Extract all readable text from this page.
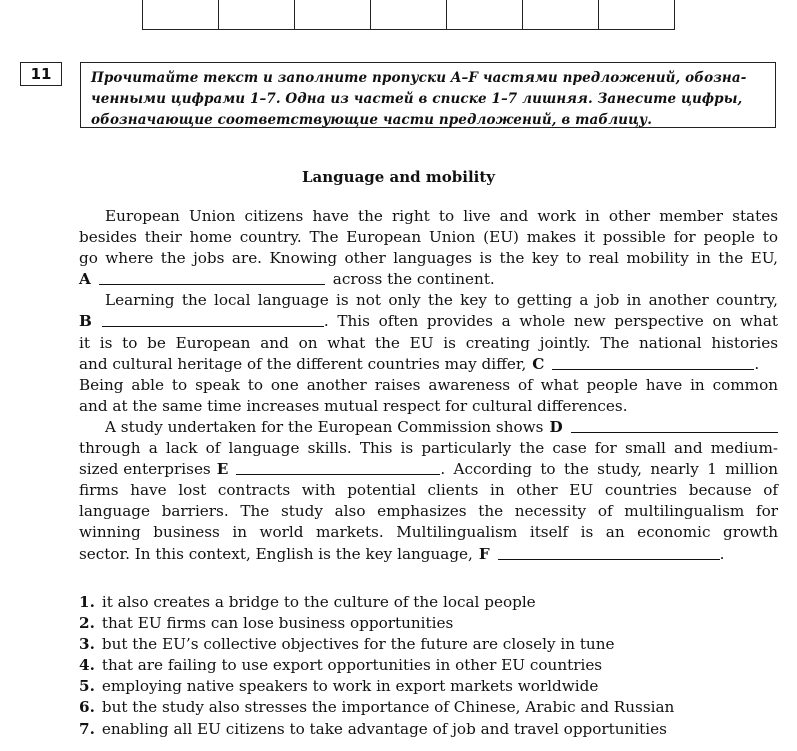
11	Прочитайте текст и заполните пропуски A–F частями предложений, обозна-
ченными цифрами 1–7. Одна из частей в списке 1–7 лишняя. Занесите цифры,
обозначающие соответствующие части предложений, в таблицу.
Language and mobility
European Union citizens have the right to live and work in other member states
besides their home country. The European Union (EU) makes it possible for people to
go where the jobs are. Knowing other languages is the key to real mobility in the EU,
A	across the continent.
Learning the local language is not only the key to getting a job in another country,
B	. This often provides a whole new perspective on what
it is to be European and on what the EU is creating jointly. The national histories
and cultural heritage of the different countries may differ, C	.
Being able to speak to one another raises awareness of what people have in common
and at the same time increases mutual respect for cultural differences.
A study undertaken for the European Commission shows D
through a lack of language skills. This is particularly the case for small and medium-
sized enterprises E	. According to the study, nearly 1 million
firms have lost contracts with potential clients in other EU countries because of
language barriers. The study also emphasizes the necessity of multilingualism for
winning business in world markets. Multilingualism itself is an economic growth
sector. In this context, English is the key language, F	.
1. it also creates a bridge to the culture of the local people
2. that EU firms can lose business opportunities
3. but the EU’s collective objectives for the future are closely in tune
4. that are failing to use export opportunities in other EU countries
5. employing native speakers to work in export markets worldwide
6. but the study also stresses the importance of Chinese, Arabic and Russian
7. enabling all EU citizens to take advantage of job and travel opportunities
